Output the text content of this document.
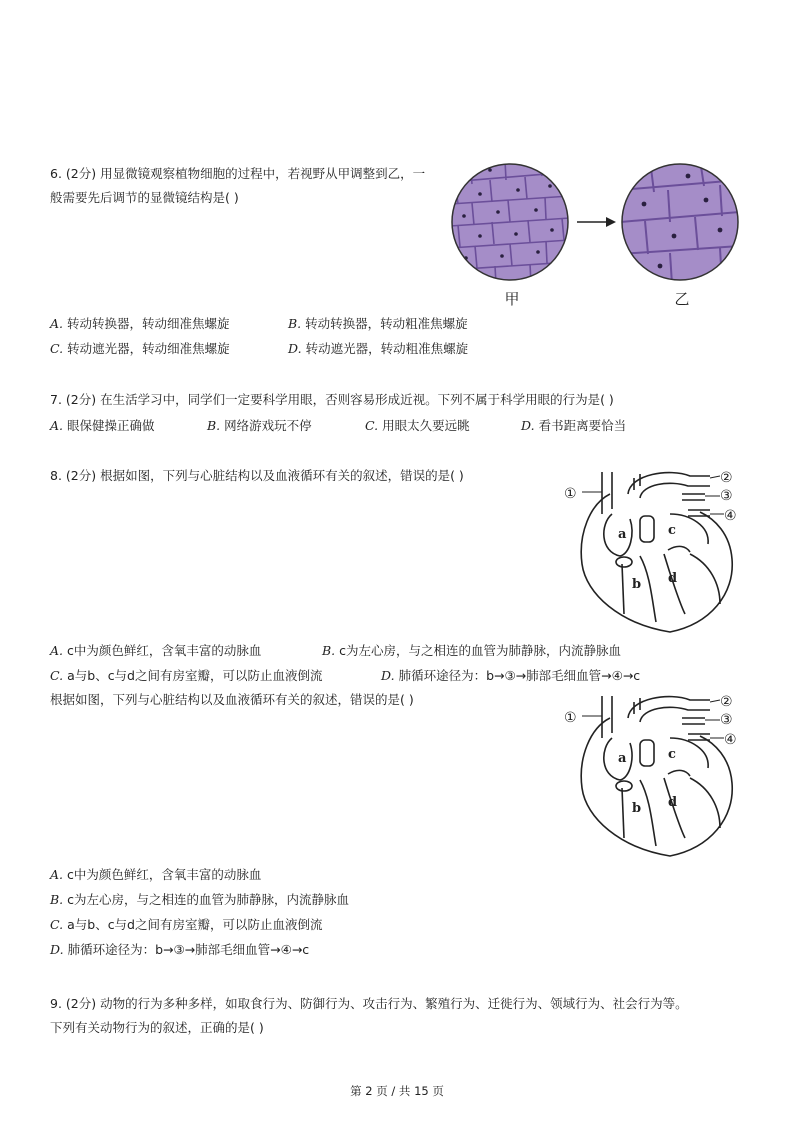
6. (2分) 用显微镜观察植物细胞的过程中，若视野从甲调整到乙，一
般需要先后调节的显微镜结构是( )
甲	乙
A. 转动转换器，转动细准焦螺旋	B. 转动转换器，转动粗准焦螺旋
C. 转动遮光器，转动细准焦螺旋	D. 转动遮光器，转动粗准焦螺旋
7. (2分) 在生活学习中，同学们一定要科学用眼，否则容易形成近视。下列不属于科学用眼的行为是( )
A. 眼保健操正确做	B. 网络游戏玩不停	C. 用眼太久要远眺	D. 看书距离要恰当
8. (2分) 根据如图，下列与心脏结构以及血液循环有关的叙述，错误的是( )
①
②
③
④
a
b
c
d
A. c中为颜色鲜红，含氧丰富的动脉血	B. c为左心房，与之相连的血管为肺静脉，内流静脉血
C. a与b、c与d之间有房室瓣，可以防止血液倒流	D. 肺循环途径为：b→③→肺部毛细血管→④→c
根据如图，下列与心脏结构以及血液循环有关的叙述，错误的是( )
①
②
③
④
a
b
c
d
A. c中为颜色鲜红，含氧丰富的动脉血
B. c为左心房，与之相连的血管为肺静脉，内流静脉血
C. a与b、c与d之间有房室瓣，可以防止血液倒流
D. 肺循环途径为：b→③→肺部毛细血管→④→c
9. (2分) 动物的行为多种多样，如取食行为、防御行为、攻击行为、繁殖行为、迁徙行为、领域行为、社会行为等。
下列有关动物行为的叙述，正确的是( )
第 2 页 / 共 15 页
